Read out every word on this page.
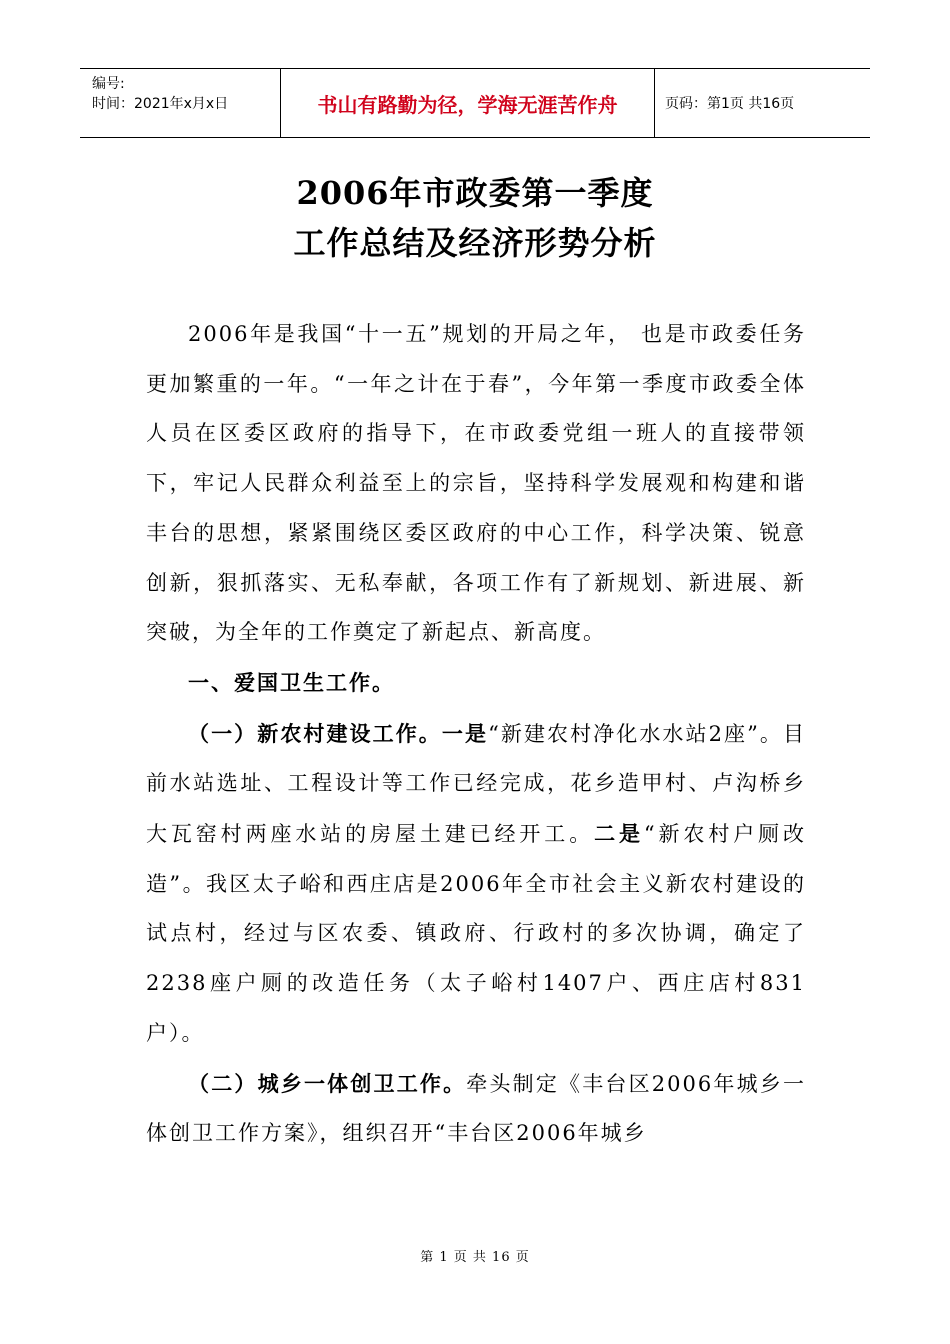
编号:
时间：2021年x月x日	书山有路勤为径，学海无涯苦作舟	页码：第1页 共16页
2006年市政委第一季度
工作总结及经济形势分析

2006年是我国“十一五”规划的开局之年， 也是市政委任务更加繁重的一年。“一年之计在于春”，今年第一季度市政委全体人员在区委区政府的指导下，在市政委党组一班人的直接带领下，牢记人民群众利益至上的宗旨，坚持科学发展观和构建和谐丰台的思想，紧紧围绕区委区政府的中心工作，科学决策、锐意创新，狠抓落实、无私奉献，各项工作有了新规划、新进展、新突破，为全年的工作奠定了新起点、新高度。

一、爱国卫生工作。

（一）新农村建设工作。一是“新建农村净化水水站2座”。目前水站选址、工程设计等工作已经完成，花乡造甲村、卢沟桥乡大瓦窑村两座水站的房屋土建已经开工。二是“新农村户厕改造”。我区太子峪和西庄店是2006年全市社会主义新农村建设的试点村，经过与区农委、镇政府、行政村的多次协调，确定了2238座户厕的改造任务（太子峪村1407户、西庄店村831户）。

（二）城乡一体创卫工作。牵头制定《丰台区2006年城乡一体创卫工作方案》，组织召开“丰台区2006年城乡

第 1 页 共 16 页
